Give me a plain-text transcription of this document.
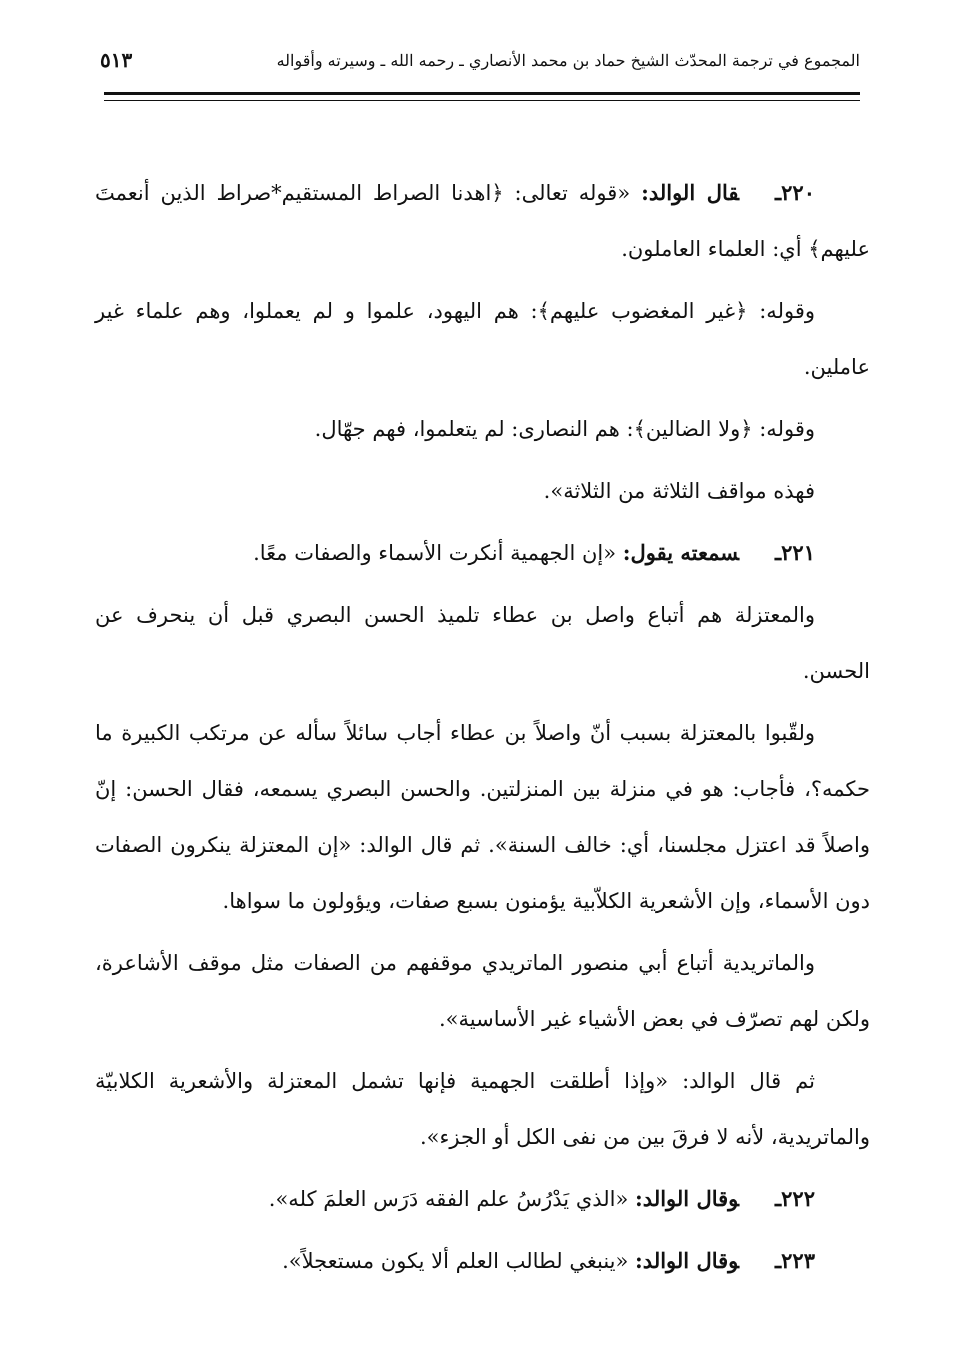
المجموع في ترجمة المحدّث الشيخ حماد بن محمد الأنصاري ـ رحمه الله ـ وسيرته وأقواله
٥١٣

٢٢٠ـقال الوالد: «قوله تعالى: ﴿اهدنا الصراط المستقيم*صراط الذين أنعمتَ عليهم﴾ أي: العلماء العاملون.

وقوله: ﴿غير المغضوب عليهم﴾: هم اليهود، علموا و لم يعملوا، وهم علماء غير عاملين.

وقوله: ﴿ولا الضالين﴾: هم النصارى: لم يتعلموا، فهم جهّال.

فهذه مواقف الثلاثة من الثلاثة».

٢٢١ـسمعته يقول: «إن الجهمية أنكرت الأسماء والصفات معًا.

والمعتزلة هم أتباع واصل بن عطاء تلميذ الحسن البصري قبل أن ينحرف عن الحسن.

ولقّبوا بالمعتزلة بسبب أنّ واصلاً بن عطاء أجاب سائلاً سأله عن مرتكب الكبيرة ما حكمه؟، فأجاب: هو في منزلة بين المنزلتين. والحسن البصري يسمعه، فقال الحسن: إنّ واصلاً قد اعتزل مجلسنا، أي: خالف السنة». ثم قال الوالد: «إن المعتزلة ينكرون الصفات دون الأسماء، وإن الأشعرية الكلاّبية يؤمنون بسبع صفات، ويؤولون ما سواها.

والماتريدية أتباع أبي منصور الماتريدي موقفهم من الصفات مثل موقف الأشاعرة، ولكن لهم تصرّف في بعض الأشياء غير الأساسية».

ثم قال الوالد: «وإذا أطلقت الجهمية فإنها تشمل المعتزلة والأشعرية الكلابيّة والماتريدية، لأنه لا فرقَ بين من نفى الكل أو الجزء».

٢٢٢ـوقال الوالد: «الذي يَدْرُسُ علم الفقه دَرَس العلمَ كله».

٢٢٣ـوقال الوالد: «ينبغي لطالب العلم ألا يكون مستعجلاً».
